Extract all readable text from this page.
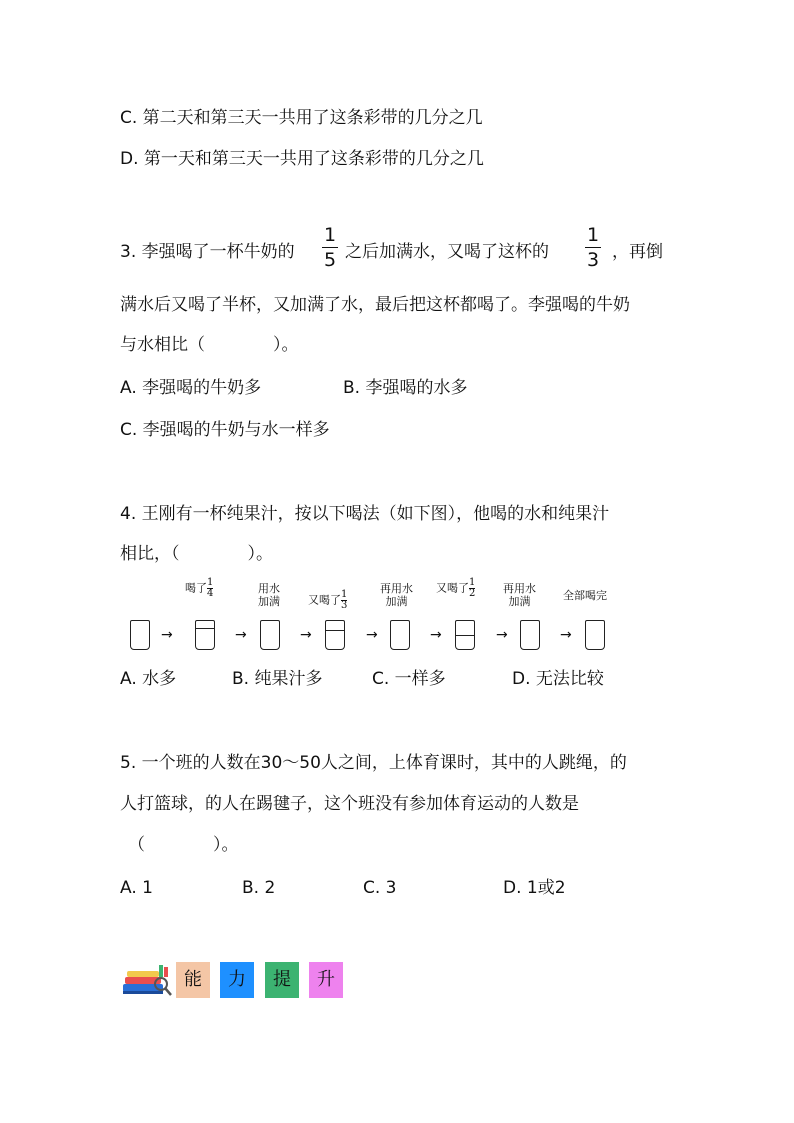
C. 第二天和第三天一共用了这条彩带的几分之几
D. 第一天和第三天一共用了这条彩带的几分之几
3. 李强喝了一杯牛奶的
1
5 之后加满水，又喝了这杯的
1
3 ，再倒
满水后又喝了半杯，又加满了水，最后把这杯都喝了。李强喝的牛奶
与水相比（　　　　）。
A. 李强喝的牛奶多	B. 李强喝的水多
C. 李强喝的牛奶与水一样多
4. 王刚有一杯纯果汁，按以下喝法（如下图），他喝的水和纯果汁
相比，（　　　　）。
喝了$\frac{1}{4}$	用水
加满	又喝了$\frac{1}{3}$
再用水
加满
又喝了$\frac{1}{2}$	再用水
加满	全部喝完
→	→	→	→	→	→	→
A. 水多	B. 纯果汁多	C. 一样多	D. 无法比较
5. 一个班的人数在30～50人之间，上体育课时，其中的人跳绳，的
人打篮球，的人在踢毽子，这个班没有参加体育运动的人数是
（　　　　）。
A. 1	B. 2	C. 3	D. 1或2
能	力	提	升
